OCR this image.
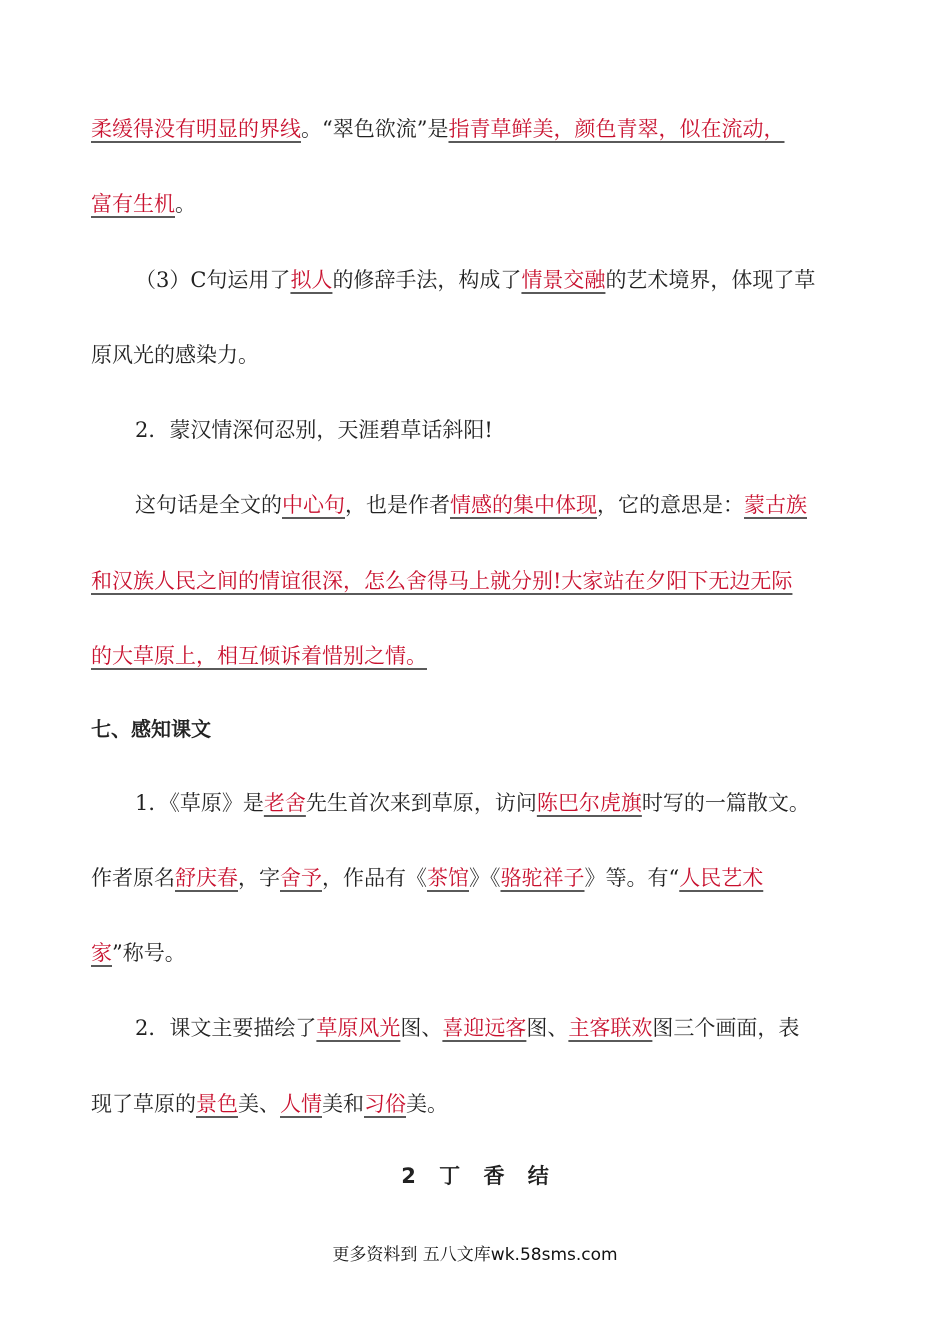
柔缓得没有明显的界线。“翠色欲流”是指青草鲜美，颜色青翠，似在流动，
富有生机。
（3）C句运用了拟人的修辞手法，构成了情景交融的艺术境界，体现了草
原风光的感染力。
2．蒙汉情深何忍别，天涯碧草话斜阳!
这句话是全文的中心句，也是作者情感的集中体现，它的意思是：蒙古族
和汉族人民之间的情谊很深，怎么舍得马上就分别!大家站在夕阳下无边无际
的大草原上，相互倾诉着惜别之情。
七、感知课文
1．《草原》是老舍先生首次来到草原，访问陈巴尔虎旗时写的一篇散文。
作者原名舒庆春，字舍予，作品有《茶馆》《骆驼祥子》等。有“人民艺术
家”称号。
2．课文主要描绘了草原风光图、喜迎远客图、主客联欢图三个画面，表
现了草原的景色美、人情美和习俗美。
2 丁 香 结
更多资料到 五八文库wk.58sms.com
